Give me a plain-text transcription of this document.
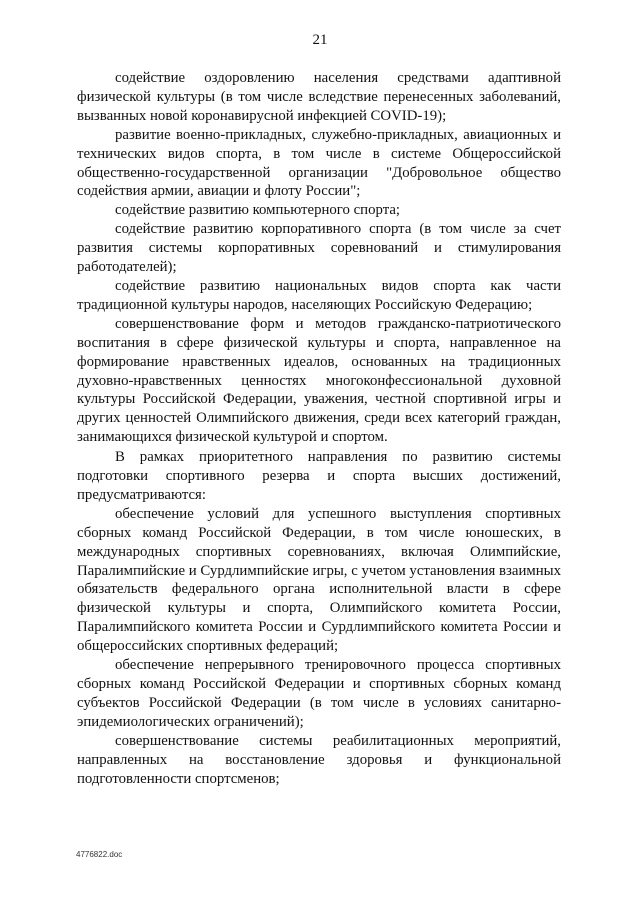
21

содействие оздоровлению населения средствами адаптивной физической культуры (в том числе вследствие перенесенных заболеваний, вызванных новой коронавирусной инфекцией COVID-19);

развитие военно-прикладных, служебно-прикладных, авиационных и технических видов спорта, в том числе в системе Общероссийской общественно-государственной организации "Добровольное общество содействия армии, авиации и флоту России";

содействие развитию компьютерного спорта;

содействие развитию корпоративного спорта (в том числе за счет развития системы корпоративных соревнований и стимулирования работодателей);

содействие развитию национальных видов спорта как части традиционной культуры народов, населяющих Российскую Федерацию;

совершенствование форм и методов гражданско-патриотического воспитания в сфере физической культуры и спорта, направленное на формирование нравственных идеалов, основанных на традиционных духовно-нравственных ценностях многоконфессиональной духовной культуры Российской Федерации, уважения, честной спортивной игры и других ценностей Олимпийского движения, среди всех категорий граждан, занимающихся физической культурой и спортом.

В рамках приоритетного направления по развитию системы подготовки спортивного резерва и спорта высших достижений, предусматриваются:

обеспечение условий для успешного выступления спортивных сборных команд Российской Федерации, в том числе юношеских, в международных спортивных соревнованиях, включая Олимпийские, Паралимпийские и Сурдлимпийские игры, с учетом установления взаимных обязательств федерального органа исполнительной власти в сфере физической культуры и спорта, Олимпийского комитета России, Паралимпийского комитета России и Сурдлимпийского комитета России и общероссийских спортивных федераций;

обеспечение непрерывного тренировочного процесса спортивных сборных команд Российской Федерации и спортивных сборных команд субъектов Российской Федерации (в том числе в условиях санитарно-эпидемиологических ограничений);

совершенствование системы реабилитационных мероприятий, направленных на восстановление здоровья и функциональной подготовленности спортсменов;

4776822.doc
